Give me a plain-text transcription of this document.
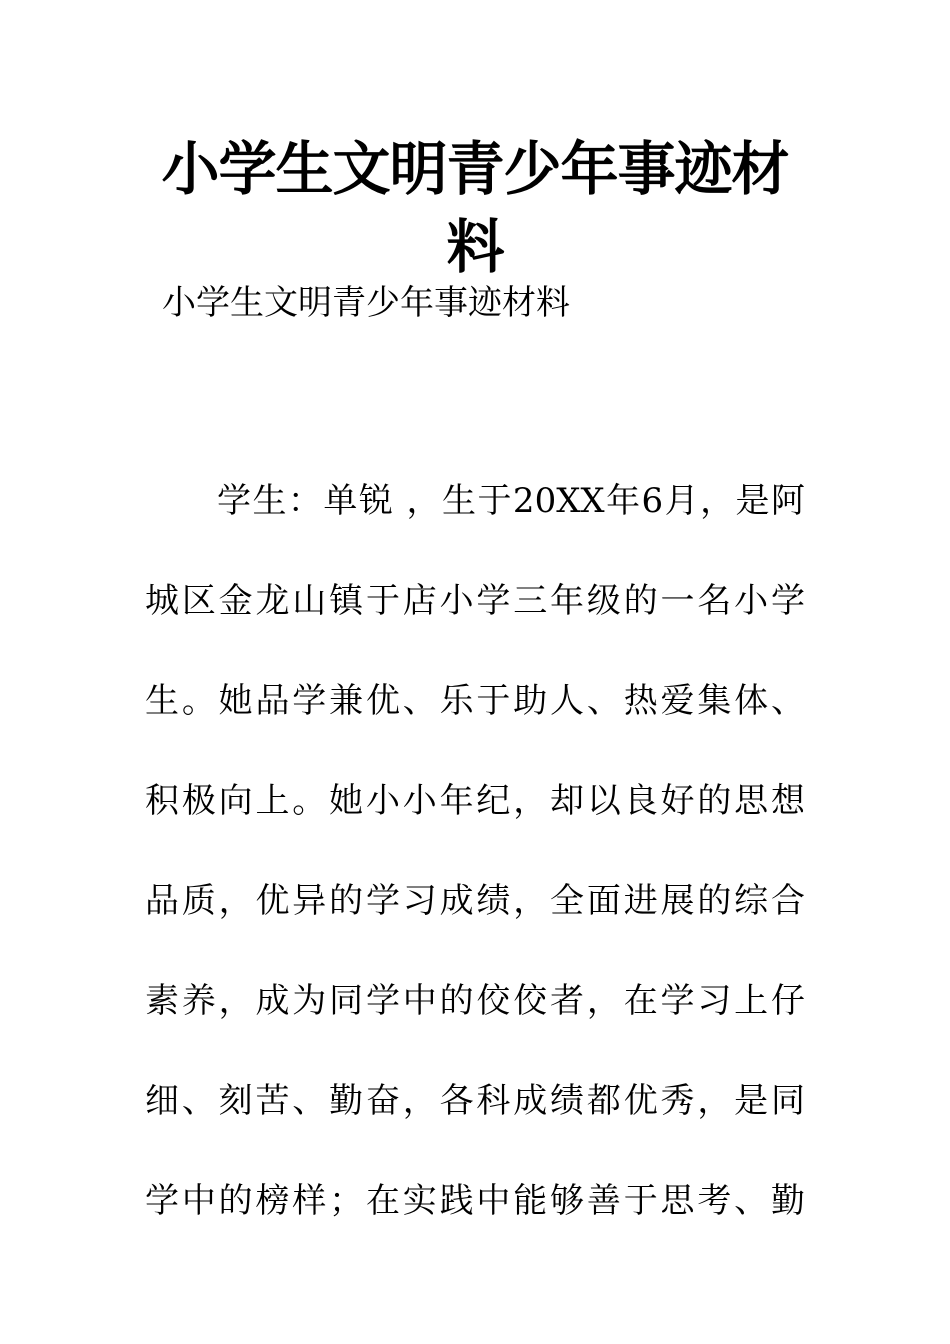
小学生文明青少年事迹材料

小学生文明青少年事迹材料

学生：单锐 ，生于20XX年6月，是阿
城区金龙山镇于店小学三年级的一名小学
生。她品学兼优、乐于助人、热爱集体、
积极向上。她小小年纪，却以良好的思想
品质，优异的学习成绩，全面进展的综合
素养，成为同学中的佼佼者，在学习上仔
细、刻苦、勤奋，各科成绩都优秀，是同
学中的榜样；在实践中能够善于思考、勤
